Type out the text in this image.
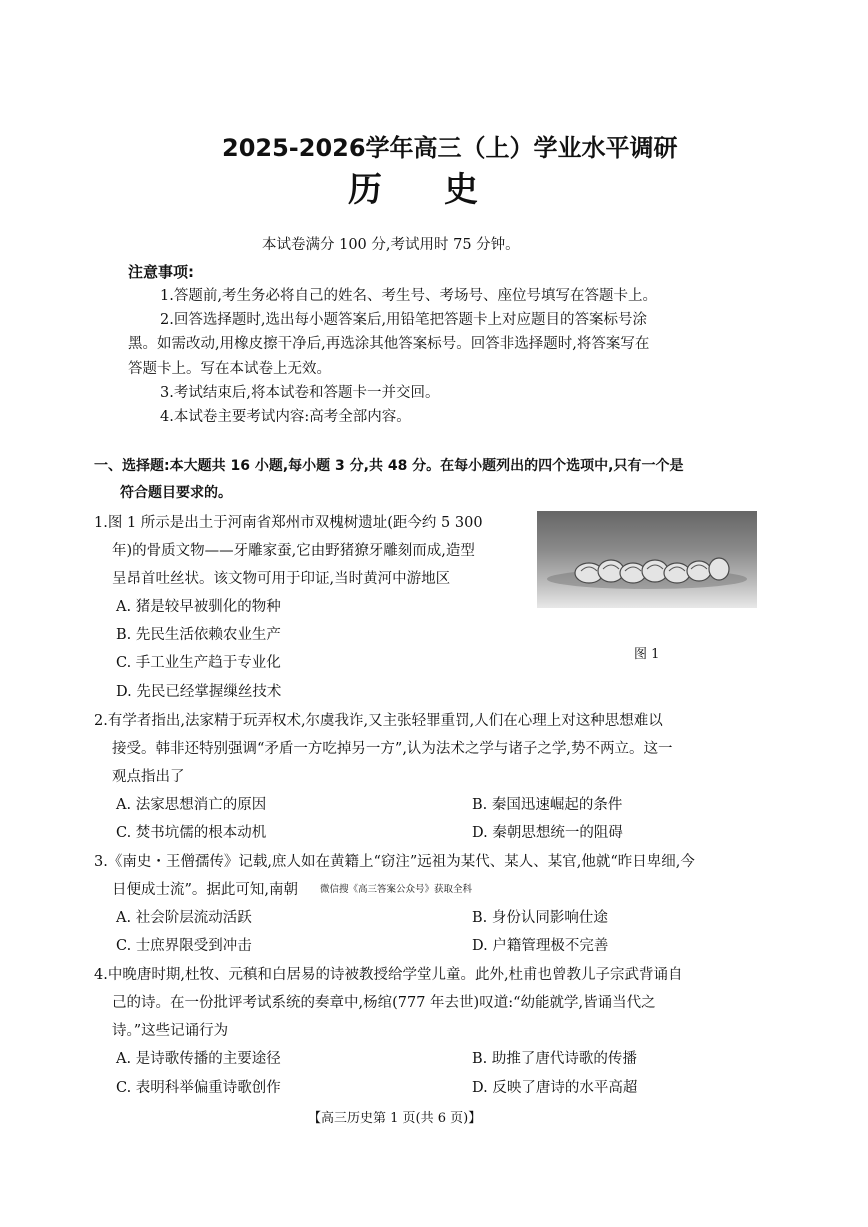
2025-2026学年高三（上）学业水平调研
历史
本试卷满分 100 分,考试用时 75 分钟。
注意事项:
1.答题前,考生务必将自己的姓名、考生号、考场号、座位号填写在答题卡上。
2.回答选择题时,选出每小题答案后,用铅笔把答题卡上对应题目的答案标号涂
黑。如需改动,用橡皮擦干净后,再选涂其他答案标号。回答非选择题时,将答案写在
答题卡上。写在本试卷上无效。
3.考试结束后,将本试卷和答题卡一并交回。
4.本试卷主要考试内容:高考全部内容。
一、选择题:本大题共 16 小题,每小题 3 分,共 48 分。在每小题列出的四个选项中,只有一个是
符合题目要求的。
1.图 1 所示是出土于河南省郑州市双槐树遗址(距今约 5 300
年)的骨质文物——牙雕家蚕,它由野猪獠牙雕刻而成,造型
呈昂首吐丝状。该文物可用于印证,当时黄河中游地区
A. 猪是较早被驯化的物种
B. 先民生活依赖农业生产
C. 手工业生产趋于专业化
D. 先民已经掌握缫丝技术
图 1
2.有学者指出,法家精于玩弄权术,尔虞我诈,又主张轻罪重罚,人们在心理上对这种思想难以
接受。韩非还特别强调“矛盾一方吃掉另一方”,认为法术之学与诸子之学,势不两立。这一
观点指出了
A. 法家思想消亡的原因	B. 秦国迅速崛起的条件
C. 焚书坑儒的根本动机	D. 秦朝思想统一的阻碍
3.《南史・王僧孺传》记载,庶人如在黄籍上“窃注”远祖为某代、某人、某官,他就“昨日卑细,今
日便成士流”。据此可知,南朝 微信搜《高三答案公众号》获取全科
A. 社会阶层流动活跃	B. 身份认同影响仕途
C. 士庶界限受到冲击	D. 户籍管理极不完善
4.中晚唐时期,杜牧、元稹和白居易的诗被教授给学堂儿童。此外,杜甫也曾教儿子宗武背诵自
己的诗。在一份批评考试系统的奏章中,杨绾(777 年去世)叹道:“幼能就学,皆诵当代之
诗。”这些记诵行为
A. 是诗歌传播的主要途径	B. 助推了唐代诗歌的传播
C. 表明科举偏重诗歌创作	D. 反映了唐诗的水平高超
【高三历史第 1 页(共 6 页)】
